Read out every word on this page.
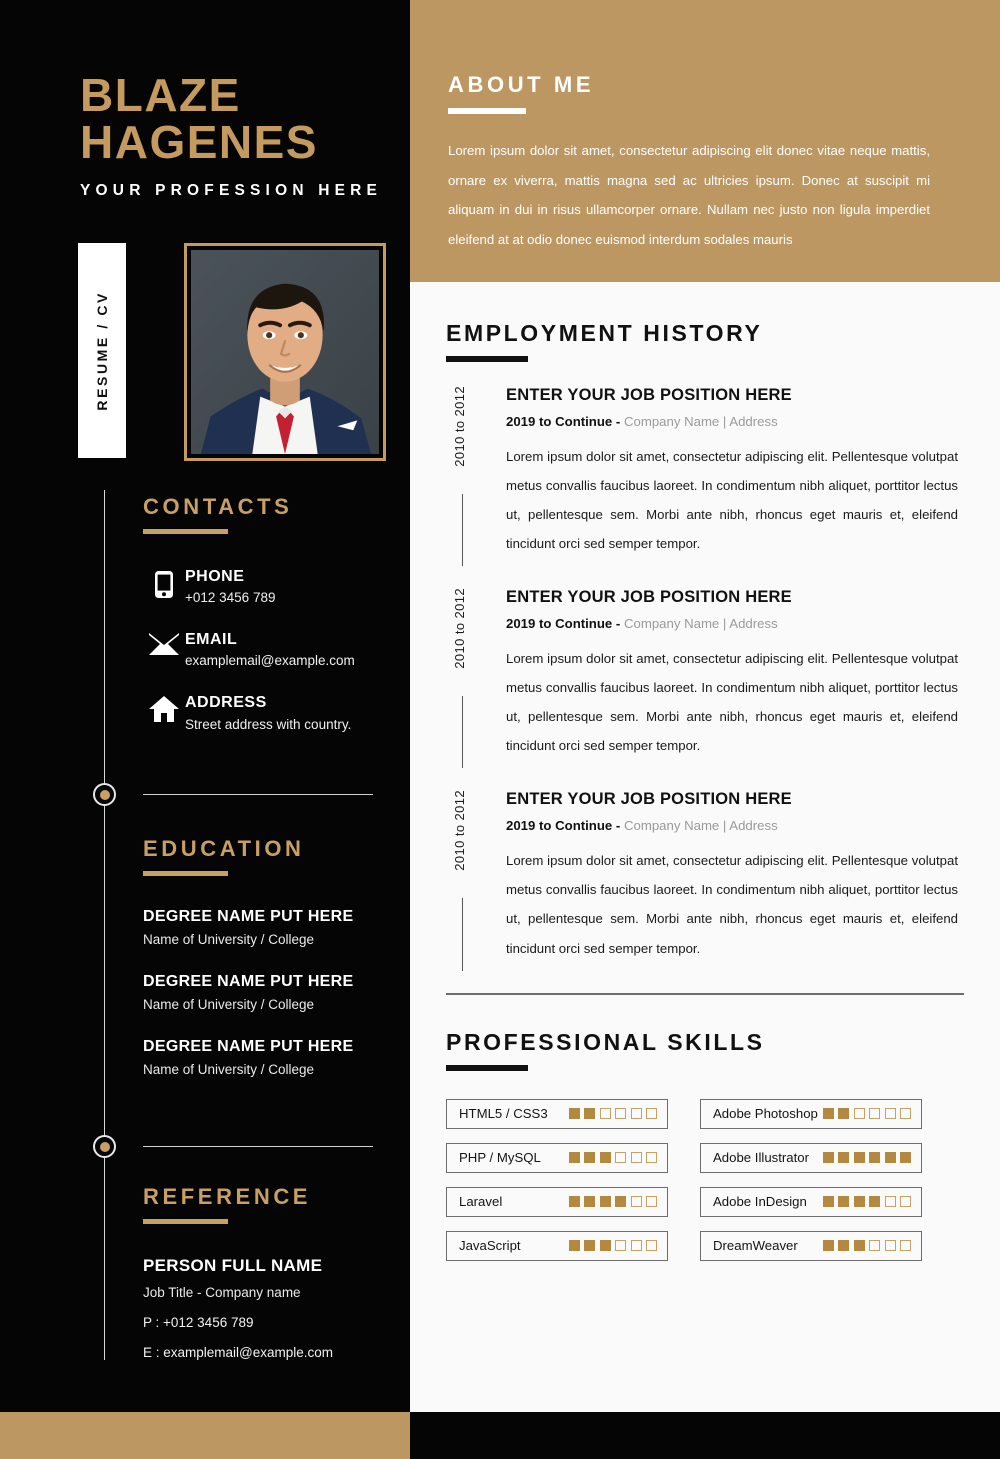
BLAZE
HAGENES
YOUR PROFESSION HERE
RESUME / CV
CONTACTS
PHONE
+012 3456 789
EMAIL
examplemail@example.com
ADDRESS
Street address with country.
EDUCATION
DEGREE NAME PUT HERE
Name of University / College
DEGREE NAME PUT HERE
Name of University / College
DEGREE NAME PUT HERE
Name of University / College
REFERENCE
PERSON FULL NAME
Job Title - Company name
P : +012 3456 789
E : examplemail@example.com
ABOUT ME

Lorem ipsum dolor sit amet, consectetur adipiscing elit donec vitae neque mattis, ornare ex viverra, mattis magna sed ac ultricies ipsum. Donec at suscipit mi aliquam in dui in risus ullamcorper ornare. Nullam nec justo non ligula imperdiet eleifend at at odio donec euismod interdum sodales mauris

EMPLOYMENT HISTORY
2010 to 2012 ENTER YOUR JOB POSITION HERE
2019 to Continue - Company Name | Address
Lorem ipsum dolor sit amet, consectetur adipiscing elit. Pellentesque volutpat metus convallis faucibus laoreet. In condimentum nibh aliquet, porttitor lectus ut, pellentesque sem. Morbi ante nibh, rhoncus eget mauris et, eleifend tincidunt orci sed semper tempor.
2010 to 2012 ENTER YOUR JOB POSITION HERE
2019 to Continue - Company Name | Address
Lorem ipsum dolor sit amet, consectetur adipiscing elit. Pellentesque volutpat metus convallis faucibus laoreet. In condimentum nibh aliquet, porttitor lectus ut, pellentesque sem. Morbi ante nibh, rhoncus eget mauris et, eleifend tincidunt orci sed semper tempor.
2010 to 2012 ENTER YOUR JOB POSITION HERE
2019 to Continue - Company Name | Address
Lorem ipsum dolor sit amet, consectetur adipiscing elit. Pellentesque volutpat metus convallis faucibus laoreet. In condimentum nibh aliquet, porttitor lectus ut, pellentesque sem. Morbi ante nibh, rhoncus eget mauris et, eleifend tincidunt orci sed semper tempor.
PROFESSIONAL SKILLS
HTML5 / CSS3	Adobe Photoshop
PHP / MySQL	Adobe Illustrator
Laravel	Adobe InDesign
JavaScript	DreamWeaver
